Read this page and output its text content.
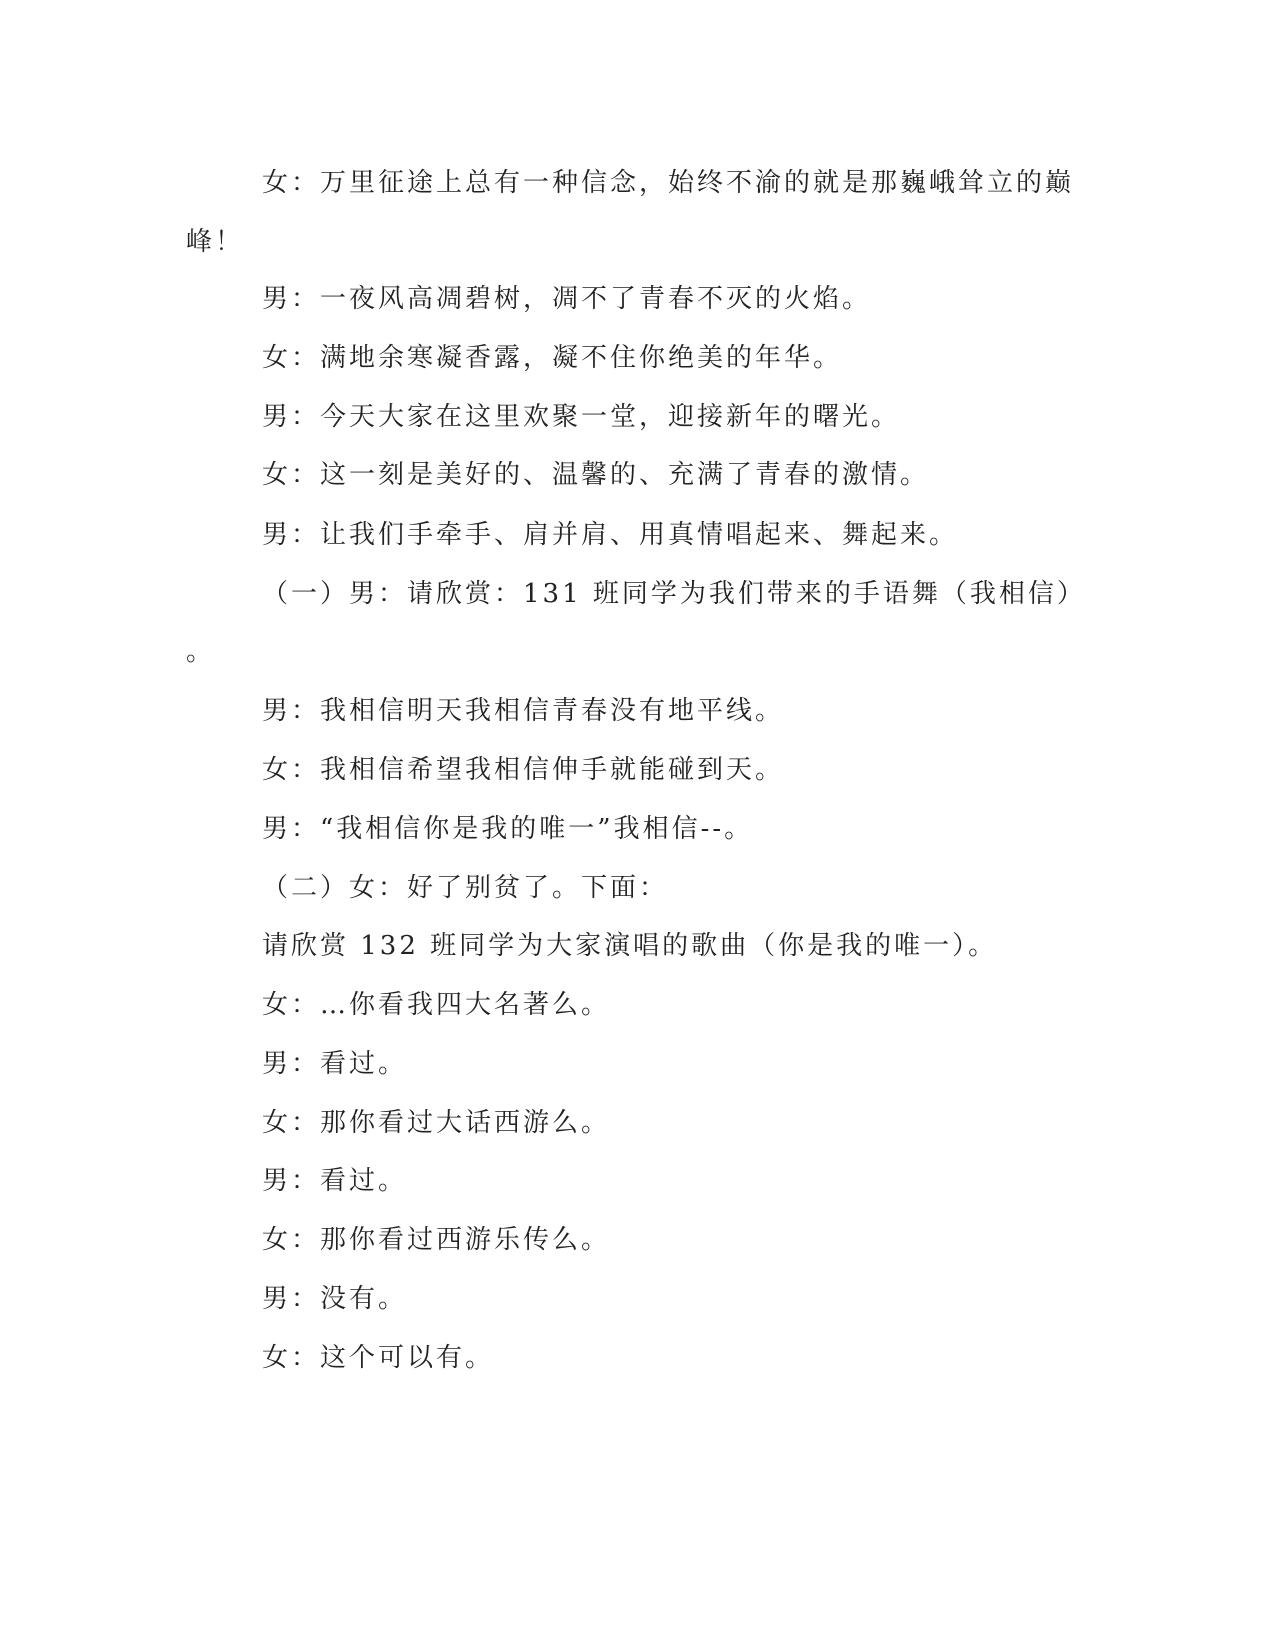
女：万里征途上总有一种信念，始终不渝的就是那巍峨耸立的巅
峰！
男：一夜风高凋碧树，凋不了青春不灭的火焰。
女：满地余寒凝香露，凝不住你绝美的年华。
男：今天大家在这里欢聚一堂，迎接新年的曙光。
女：这一刻是美好的、温馨的、充满了青春的激情。
男：让我们手牵手、肩并肩、用真情唱起来、舞起来。
（一）男：请欣赏：131 班同学为我们带来的手语舞（我相信）
。
男：我相信明天我相信青春没有地平线。
女：我相信希望我相信伸手就能碰到天。
男：“我相信你是我的唯一”我相信--。
（二）女：好了别贫了。下面：
请欣赏 132 班同学为大家演唱的歌曲（你是我的唯一）。
女：…你看我四大名著么。
男：看过。
女：那你看过大话西游么。
男：看过。
女：那你看过西游乐传么。
男：没有。
女：这个可以有。
